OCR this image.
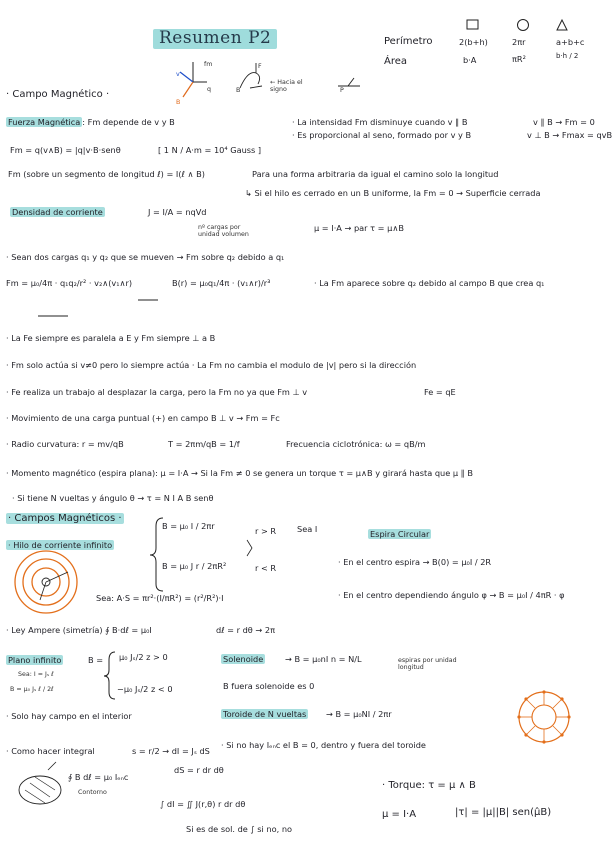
Resumen P2	Perímetro
Área
2(b+h)	2πr	a+b+c
b·A	πR²	b·h / 2
fm
v
q
B
F
B
← Hacia el signo	P
· Campo Magnético ·
Fuerza Magnética : Fm depende de v y B	· La intensidad Fm disminuye cuando v ∥ B
· Es proporcional al seno, formado por v y B
v ∥ B → Fm = 0
v ⊥ B → Fmax = qvB
Fm = q(v∧B) = |q|v·B·senθ	[ 1 N / A·m = 10⁴ Gauss ]
Fm (sobre un segmento de longitud ℓ) = I(ℓ ∧ B)	Para una forma arbitraria da igual el camino solo la longitud
↳ Si el hilo es cerrado en un B uniforme, la Fm = 0 → Superficie cerrada
Densidad de corriente	J = I/A = nqVd
nº cargas por unidad volumen
μ = I·A → par τ = μ∧B
· Sean dos cargas q₁ y q₂ que se mueven → Fm sobre q₂ debido a q₁
Fm = μ₀/4π · q₁q₂/r² · v₂∧(v₁∧r)	B(r) = μ₀q₁/4π · (v₁∧r)/r³	· La Fm aparece sobre q₂ debido al campo B que crea q₁
· La Fe siempre es paralela a E y Fm siempre ⊥ a B
· Fm solo actúa si v≠0 pero lo siempre actúa · La Fm no cambia el modulo de |v| pero si la dirección
· Fe realiza un trabajo al desplazar la carga, pero la Fm no ya que Fm ⊥ v	Fe = qE
· Movimiento de una carga puntual (+) en campo B ⊥ v → Fm = Fc
· Radio curvatura: r = mv/qB	T = 2πm/qB = 1/f	Frecuencia ciclotrónica: ω = qB/m
· Momento magnético (espira plana): μ = I·A → Si la Fm ≠ 0 se genera un torque τ = μ∧B y girará hasta que μ ∥ B
· Si tiene N vueltas y ángulo θ → τ = N I A B senθ
· Campos Magnéticos ·
· Hilo de corriente infinito
B = μ₀ I / 2πr	r > R	Sea I
B = μ₀ J r / 2πR²	r < R
Sea: A·S = πr²·(I/πR²) = (r²/R²)·I
Espira Circular
· En el centro espira → B(0) = μ₀I / 2R
· En el centro dependiendo ángulo φ → B = μ₀I / 4πR · φ
· Ley Ampere (simetría) ∮ B·dℓ = μ₀I	dℓ = r dθ → 2π
Plano infinito
Sea: I = Jₛ ℓ
B = μ₀ Jₛ ℓ / 2ℓ
B = μ₀ Jₛ/2 z > 0
−μ₀ Jₛ/2 z < 0
· Solo hay campo en el interior
Solenoide	→ B = μ₀nI n = N/L	espiras por unidad longitud
B fuera solenoide es 0
Toroide de N vueltas → B = μ₀NI / 2πr
· Si no hay Iₑₙc el B = 0, dentro y fuera del toroide
· Como hacer integral	s = r/2 → dI = Jₛ dS
dS = r dr dθ
∮ B dℓ = μ₀ Iₑₙc
Contorno
∫ dI = ∬ J(r,θ) r dr dθ
Si es de sol. de ∫ si no, no
· Torque: τ = μ ∧ B
μ = I·A	|τ| = |μ||B| sen(μ̂B)
